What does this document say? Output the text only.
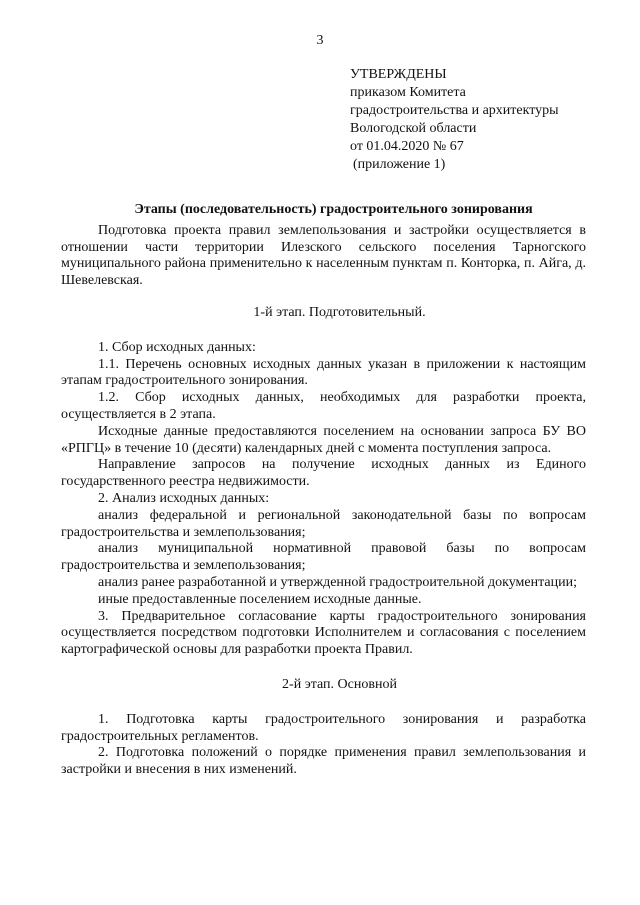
3
УТВЕРЖДЕНЫ
приказом Комитета
градостроительства и архитектуры
Вологодской области
от 01.04.2020 № 67
(приложение 1)
Этапы (последовательность) градостроительного зонирования

Подготовка проекта правил землепользования и застройки осуществляется в отношении части территории Илезского сельского поселения Тарногского муниципального района применительно к населенным пунктам п. Конторка, п. Айга, д. Шевелевская.

1-й этап. Подготовительный.

1. Сбор исходных данных:

1.1. Перечень основных исходных данных указан в приложении к настоящим этапам градостроительного зонирования.

1.2. Сбор исходных данных, необходимых для разработки проекта, осуществляется в 2 этапа.

Исходные данные предоставляются поселением на основании запроса БУ ВО «РПГЦ» в течение 10 (десяти) календарных дней с момента поступления запроса.

Направление запросов на получение исходных данных из Единого государственного реестра недвижимости.

2. Анализ исходных данных:

анализ федеральной и региональной законодательной базы по вопросам градостроительства и землепользования;

анализ муниципальной нормативной правовой базы по вопросам градостроительства и землепользования;

анализ ранее разработанной и утвержденной градостроительной документации;

иные предоставленные поселением исходные данные.

3. Предварительное согласование карты градостроительного зонирования осуществляется посредством подготовки Исполнителем и согласования с поселением картографической основы для разработки проекта Правил.

2-й этап. Основной

1. Подготовка карты градостроительного зонирования и разработка градостроительных регламентов.

2. Подготовка положений о порядке применения правил землепользования и застройки и внесения в них изменений.
